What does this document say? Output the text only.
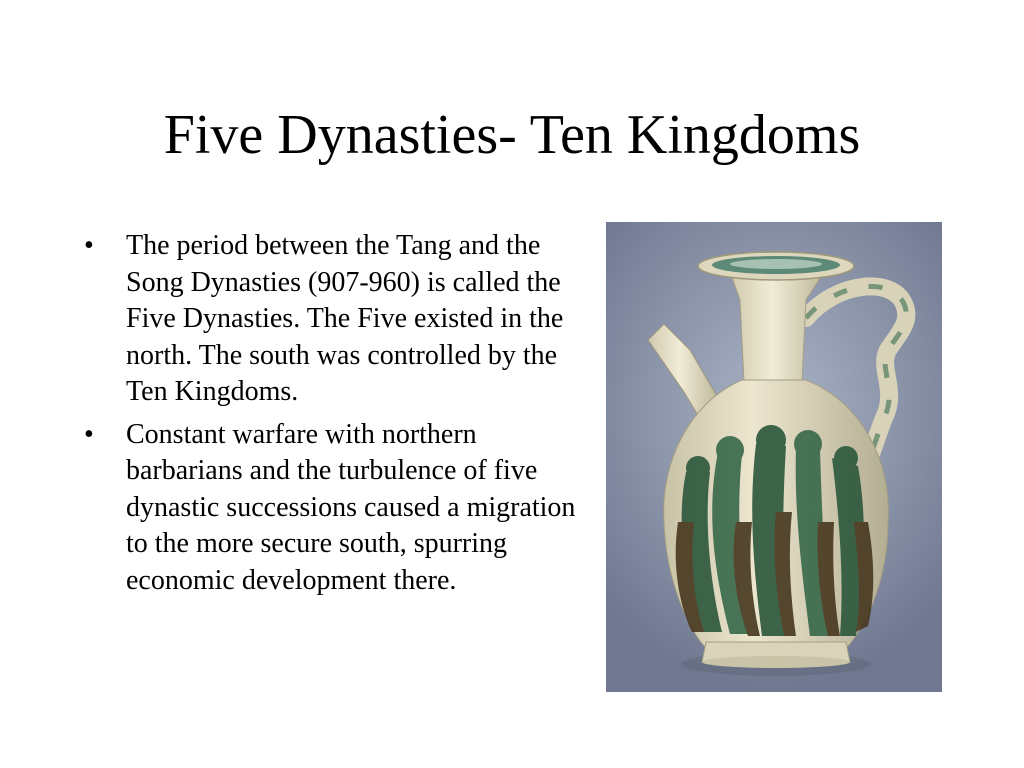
Five Dynasties- Ten Kingdoms
• The period between the Tang and the Song Dynasties (907-960) is called the Five Dynasties. The Five existed in the north. The south was controlled by the Ten Kingdoms.
• Constant warfare with northern barbarians and the turbulence of five dynastic successions caused a migration to the more secure south, spurring economic development there.
